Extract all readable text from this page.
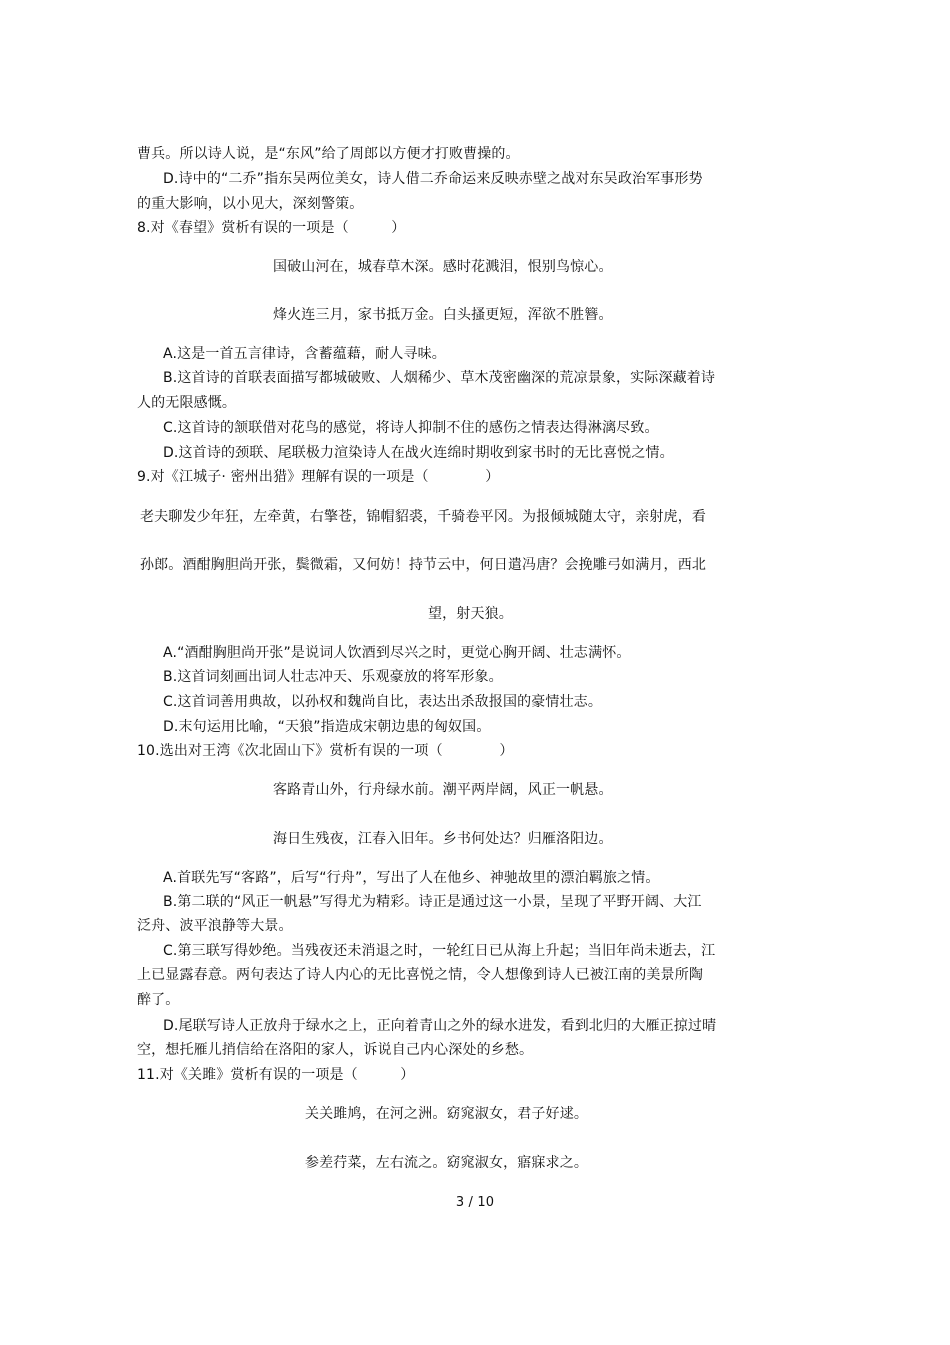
曹兵。所以诗人说，是“东风”给了周郎以方便才打败曹操的。

D.诗中的“二乔”指东吴两位美女，诗人借二乔命运来反映赤壁之战对东吴政治军事形势

的重大影响，以小见大，深刻警策。

8.对《春望》赏析有误的一项是（　　　）

国破山河在，城春草木深。感时花溅泪，恨别鸟惊心。

烽火连三月，家书抵万金。白头搔更短，浑欲不胜簪。

A.这是一首五言律诗，含蓄蕴藉，耐人寻味。

B.这首诗的首联表面描写都城破败、人烟稀少、草木茂密幽深的荒凉景象，实际深藏着诗

人的无限感慨。

C.这首诗的颔联借对花鸟的感觉，将诗人抑制不住的感伤之情表达得淋漓尽致。

D.这首诗的颈联、尾联极力渲染诗人在战火连绵时期收到家书时的无比喜悦之情。

9.对《江城子· 密州出猎》理解有误的一项是（　　　　）

老夫聊发少年狂，左牵黄，右擎苍，锦帽貂裘，千骑卷平冈。为报倾城随太守，亲射虎，看

孙郎。酒酣胸胆尚开张，鬓微霜，又何妨！持节云中，何日遣冯唐？会挽雕弓如满月，西北

望，射天狼。

A.“酒酣胸胆尚开张”是说词人饮酒到尽兴之时，更觉心胸开阔、壮志满怀。

B.这首词刻画出词人壮志冲天、乐观豪放的将军形象。

C.这首词善用典故，以孙权和魏尚自比，表达出杀敌报国的豪情壮志。

D.末句运用比喻，“天狼”指造成宋朝边患的匈奴国。

10.选出对王湾《次北固山下》赏析有误的一项（　　　　）

客路青山外，行舟绿水前。潮平两岸阔，风正一帆悬。

海日生残夜，江春入旧年。乡书何处达？归雁洛阳边。

A.首联先写“客路”，后写“行舟”，写出了人在他乡、神驰故里的漂泊羁旅之情。

B.第二联的“风正一帆悬”写得尤为精彩。诗正是通过这一小景，呈现了平野开阔、大江

泛舟、波平浪静等大景。

C.第三联写得妙绝。当残夜还未消退之时，一轮红日已从海上升起；当旧年尚未逝去，江

上已显露春意。两句表达了诗人内心的无比喜悦之情，令人想像到诗人已被江南的美景所陶

醉了。

D.尾联写诗人正放舟于绿水之上，正向着青山之外的绿水进发，看到北归的大雁正掠过晴

空，想托雁儿捎信给在洛阳的家人，诉说自己内心深处的乡愁。

11.对《关雎》赏析有误的一项是（　　　）

关关雎鸠，在河之洲。窈窕淑女，君子好逑。

参差荇菜，左右流之。窈窕淑女，寤寐求之。

3 / 10
